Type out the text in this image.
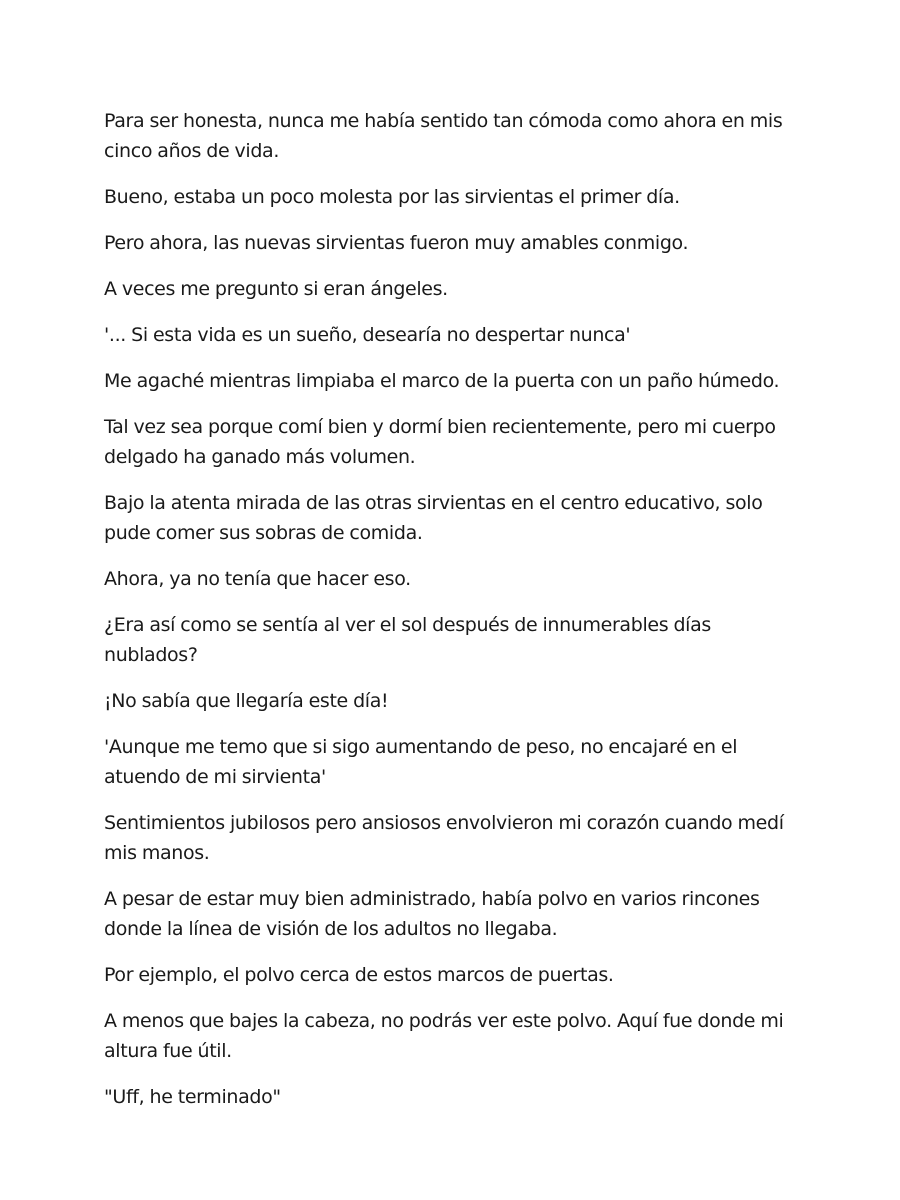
Para ser honesta, nunca me había sentido tan cómoda como ahora en mis cinco años de vida.

Bueno, estaba un poco molesta por las sirvientas el primer día.

Pero ahora, las nuevas sirvientas fueron muy amables conmigo.

A veces me pregunto si eran ángeles.

'... Si esta vida es un sueño, desearía no despertar nunca'

Me agaché mientras limpiaba el marco de la puerta con un paño húmedo.

Tal vez sea porque comí bien y dormí bien recientemente, pero mi cuerpo delgado ha ganado más volumen.

Bajo la atenta mirada de las otras sirvientas en el centro educativo, solo pude comer sus sobras de comida.

Ahora, ya no tenía que hacer eso.

¿Era así como se sentía al ver el sol después de innumerables días nublados?

¡No sabía que llegaría este día!

'Aunque me temo que si sigo aumentando de peso, no encajaré en el atuendo de mi sirvienta'

Sentimientos jubilosos pero ansiosos envolvieron mi corazón cuando medí mis manos.

A pesar de estar muy bien administrado, había polvo en varios rincones donde la línea de visión de los adultos no llegaba.

Por ejemplo, el polvo cerca de estos marcos de puertas.

A menos que bajes la cabeza, no podrás ver este polvo. Aquí fue donde mi altura fue útil.

"Uff, he terminado"
